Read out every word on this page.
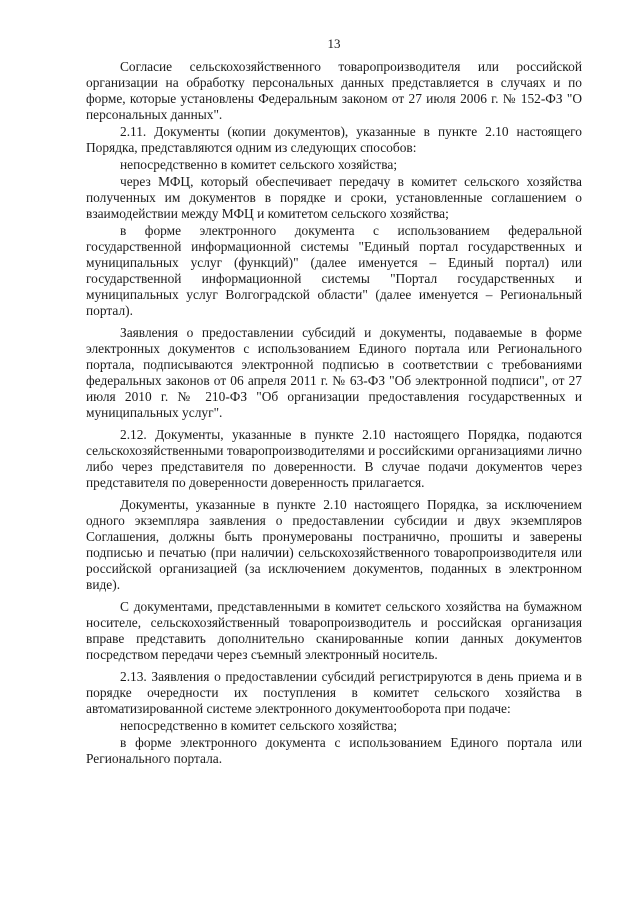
13

Согласие сельскохозяйственного товаропроизводителя или российской организации на обработку персональных данных представляется в случаях и по форме, которые установлены Федеральным законом от 27 июля 2006 г. № 152-ФЗ "О персональных данных".

2.11. Документы (копии документов), указанные в пункте 2.10 настоящего Порядка, представляются одним из следующих способов:

непосредственно в комитет сельского хозяйства;

через МФЦ, который обеспечивает передачу в комитет сельского хозяйства полученных им документов в порядке и сроки, установленные соглашением о взаимодействии между МФЦ и комитетом сельского хозяйства;

в форме электронного документа с использованием федеральной государственной информационной системы "Единый портал государственных и муниципальных услуг (функций)" (далее именуется – Единый портал) или государственной информационной системы "Портал государственных и муниципальных услуг Волгоградской области" (далее именуется – Региональный портал).

Заявления о предоставлении субсидий и документы, подаваемые в форме электронных документов с использованием Единого портала или Регионального портала, подписываются электронной подписью в соответствии с требованиями федеральных законов от 06 апреля 2011 г. № 63-ФЗ "Об электронной подписи", от 27 июля 2010 г. № 210-ФЗ "Об организации предоставления государственных и муниципальных услуг".

2.12. Документы, указанные в пункте 2.10 настоящего Порядка, подаются сельскохозяйственными товаропроизводителями и российскими организациями лично либо через представителя по доверенности. В случае подачи документов через представителя по доверенности доверенность прилагается.

Документы, указанные в пункте 2.10 настоящего Порядка, за исключением одного экземпляра заявления о предоставлении субсидии и двух экземпляров Соглашения, должны быть пронумерованы постранично, прошиты и заверены подписью и печатью (при наличии) сельскохозяйственного товаропроизводителя или российской организацией (за исключением документов, поданных в электронном виде).

С документами, представленными в комитет сельского хозяйства на бумажном носителе, сельскохозяйственный товаропроизводитель и российская организация вправе представить дополнительно сканированные копии данных документов посредством передачи через съемный электронный носитель.

2.13. Заявления о предоставлении субсидий регистрируются в день приема и в порядке очередности их поступления в комитет сельского хозяйства в автоматизированной системе электронного документооборота при подаче:

непосредственно в комитет сельского хозяйства;

в форме электронного документа с использованием Единого портала или Регионального портала.
